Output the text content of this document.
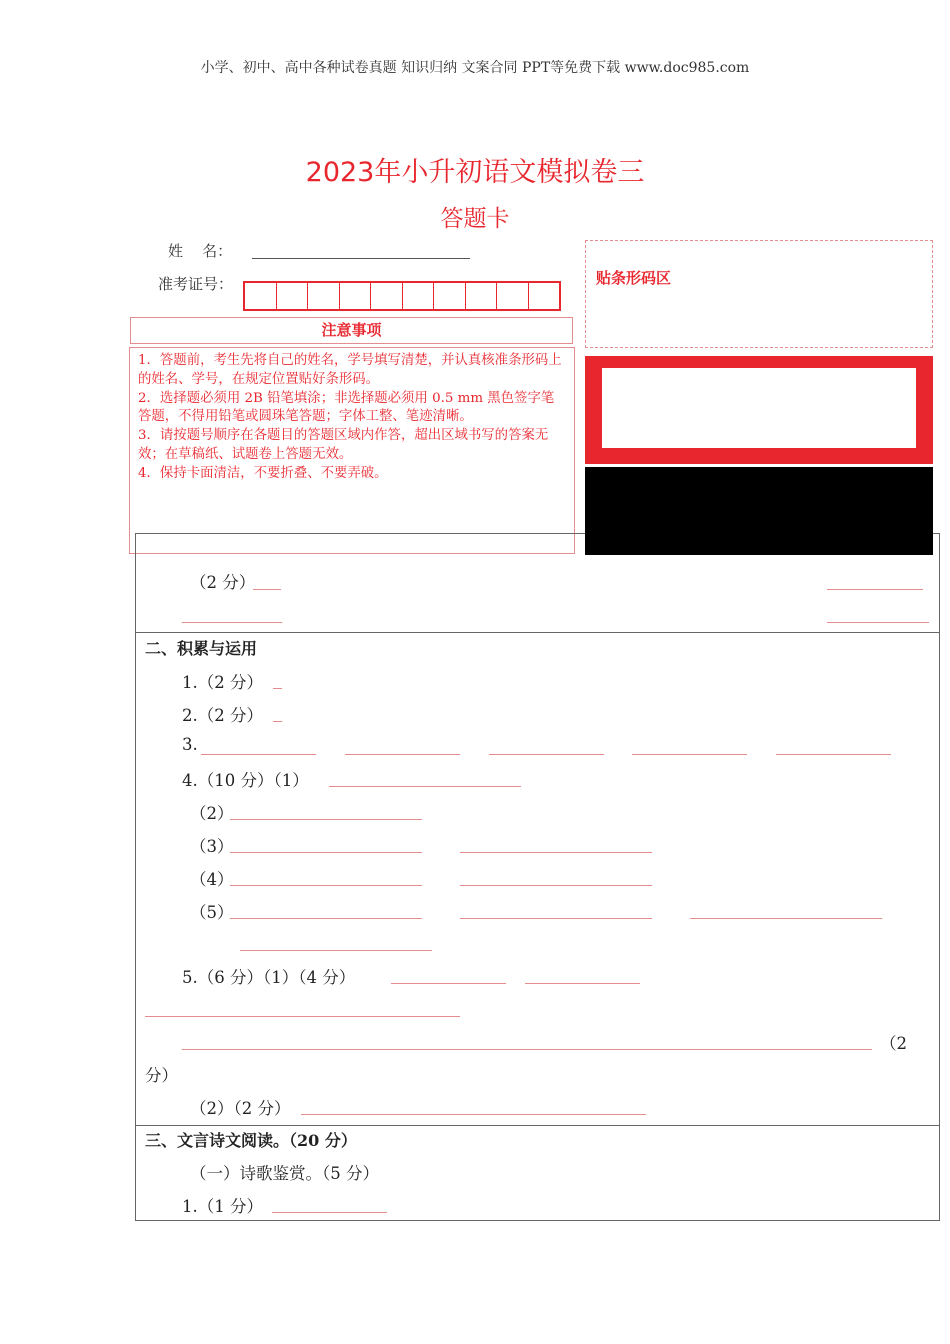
小学、初中、高中各种试卷真题 知识归纳 文案合同 PPT等免费下载 www.doc985.com
2023年小升初语文模拟卷三
答题卡
姓    名：
准考证号：	贴条形码区
注意事项
1．答题前，考生先将自己的姓名，学号填写清楚，并认真核准条形码上的姓名、学号，在规定位置贴好条形码。
2．选择题必须用 2B 铅笔填涂；非选择题必须用 0.5 mm 黑色签字笔答题，不得用铅笔或圆珠笔答题；字体工整、笔迹清晰。
3．请按题号顺序在各题目的答题区域内作答，超出区域书写的答案无效；在草稿纸、试题卷上答题无效。
4．保持卡面清洁，不要折叠、不要弄破。
（2 分）
二、积累与运用
1.（2 分）
2.（2 分）
3.
4.（10 分）（1）
（2）
（3）
（4）
（5）
5.（6 分）（1）（4 分）
（2
分）
（2）（2 分）
三、文言诗文阅读。（20 分）
（一）诗歌鉴赏。（5 分）
1.（1 分）
